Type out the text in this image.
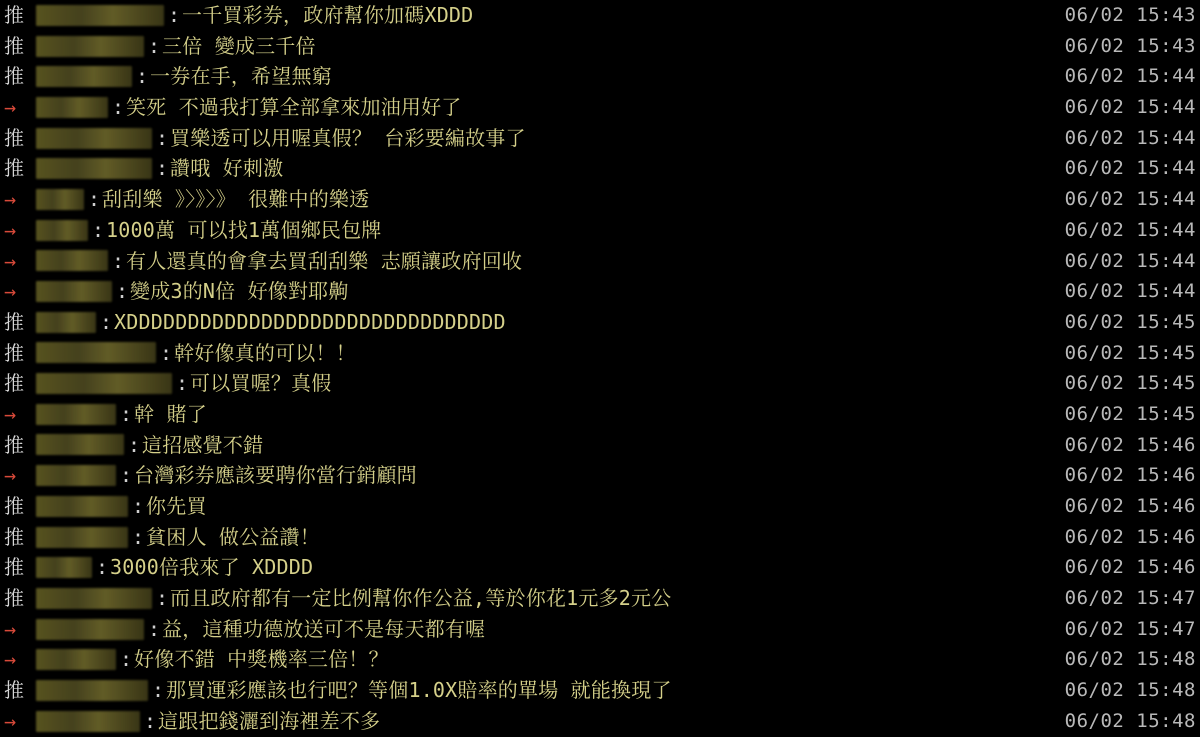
推	: 一千買彩券，政府幫你加碼XDDD	06/02 15:43
推	: 三倍 變成三千倍	06/02 15:43
推	: 一券在手，希望無窮	06/02 15:44
→	: 笑死 不過我打算全部拿來加油用好了	06/02 15:44
推	: 買樂透可以用喔真假？ 台彩要編故事了	06/02 15:44
推	: 讚哦 好刺激	06/02 15:44
→	: 刮刮樂 》〉》〉》 很難中的樂透	06/02 15:44
→	: 1000萬 可以找1萬個鄉民包牌	06/02 15:44
→	: 有人還真的會拿去買刮刮樂 志願讓政府回收	06/02 15:44
→	: 變成3的N倍 好像對耶齁	06/02 15:44
推	: XDDDDDDDDDDDDDDDDDDDDDDDDDDDDDDD	06/02 15:45
推	: 幹好像真的可以！！	06/02 15:45
推	: 可以買喔？真假	06/02 15:45
→	: 幹 賭了	06/02 15:45
推	: 這招感覺不錯	06/02 15:46
→	: 台灣彩券應該要聘你當行銷顧問	06/02 15:46
推	: 你先買	06/02 15:46
推	: 貧困人 做公益讚！	06/02 15:46
推	: 3000倍我來了 XDDDD	06/02 15:46
推	: 而且政府都有一定比例幫你作公益,等於你花1元多2元公	06/02 15:47
→	: 益，這種功德放送可不是每天都有喔	06/02 15:47
→	: 好像不錯 中獎機率三倍！？	06/02 15:48
推	: 那買運彩應該也行吧？等個1.0X賠率的單場 就能換現了	06/02 15:48
→	: 這跟把錢灑到海裡差不多	06/02 15:48
